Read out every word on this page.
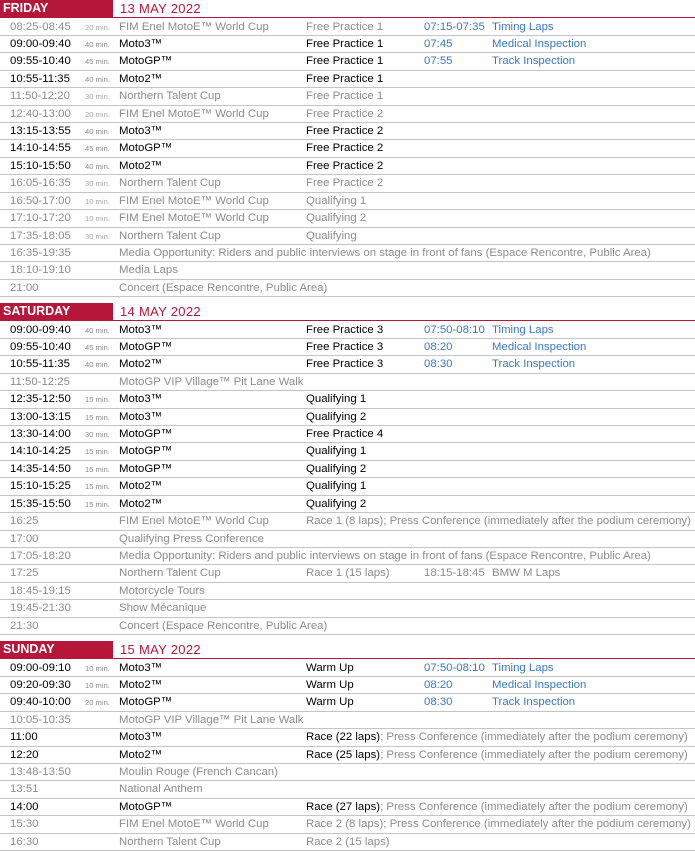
FRIDAY	13 MAY 2022
08:25-08:45 20 min. FIM Enel MotoE™ World Cup	Free Practice 1	07:15-07:35 Timing Laps
09:00-09:40 40 min. Moto3™	Free Practice 1	07:45	Medical Inspection
09:55-10:40 45 min. MotoGP™	Free Practice 1	07:55	Track Inspection
10:55-11:35 40 min. Moto2™	Free Practice 1
11:50-12:20 30 min. Northern Talent Cup	Free Practice 1
12:40-13:00 20 min. FIM Enel MotoE™ World Cup	Free Practice 2
13:15-13:55 40 min. Moto3™	Free Practice 2
14:10-14:55 45 min. MotoGP™	Free Practice 2
15:10-15:50 40 min. Moto2™	Free Practice 2
16:05-16:35 30 min. Northern Talent Cup	Free Practice 2
16:50-17:00 10 min. FIM Enel MotoE™ World Cup	Qualifying 1
17:10-17:20 10 min. FIM Enel MotoE™ World Cup	Qualifying 2
17:35-18:05 30 min. Northern Talent Cup	Qualifying
16:35-19:35	Media Opportunity: Riders and public interviews on stage in front of fans (Espace Rencontre, Public Area)
18:10-19:10	Media Laps
21:00	Concert (Espace Rencontre, Public Area)
SATURDAY	14 MAY 2022
09:00-09:40 40 min. Moto3™	Free Practice 3	07:50-08:10 Timing Laps
09:55-10:40 45 min. MotoGP™	Free Practice 3	08:20	Medical Inspection
10:55-11:35 40 min. Moto2™	Free Practice 3	08:30	Track Inspection
11:50-12:25	MotoGP VIP Village™ Pit Lane Walk
12:35-12:50 15 min. Moto3™	Qualifying 1
13:00-13:15 15 min. Moto3™	Qualifying 2
13:30-14:00 30 min. MotoGP™	Free Practice 4
14:10-14:25 15 min. MotoGP™	Qualifying 1
14:35-14:50 15 min. MotoGP™	Qualifying 2
15:10-15:25 15 min. Moto2™	Qualifying 1
15:35-15:50 15 min. Moto2™	Qualifying 2
16:25	FIM Enel MotoE™ World Cup	Race 1 (8 laps); Press Conference (immediately after the podium ceremony)
17:00	Qualifying Press Conference
17:05-18:20	Media Opportunity: Riders and public interviews on stage in front of fans (Espace Rencontre, Public Area)
17:25	Northern Talent Cup	Race 1 (15 laps)	18:15-18:45 BMW M Laps
18:45-19:15	Motorcycle Tours
19:45-21:30	Show Mécanique
21:30	Concert (Espace Rencontre, Public Area)
SUNDAY	15 MAY 2022
09:00-09:10 10 min. Moto3™	Warm Up	07:50-08:10 Timing Laps
09:20-09:30 10 min. Moto2™	Warm Up	08:20	Medical Inspection
09:40-10:00 20 min. MotoGP™	Warm Up	08:30	Track Inspection
10:05-10:35	MotoGP VIP Village™ Pit Lane Walk
11:00	Moto3™	Race (22 laps); Press Conference (immediately after the podium ceremony)
12:20	Moto2™	Race (25 laps); Press Conference (immediately after the podium ceremony)
13:48-13:50	Moulin Rouge (French Cancan)
13:51	National Anthem
14:00	MotoGP™	Race (27 laps); Press Conference (immediately after the podium ceremony)
15:30	FIM Enel MotoE™ World Cup	Race 2 (8 laps); Press Conference (immediately after the podium ceremony)
16:30	Northern Talent Cup	Race 2 (15 laps)
